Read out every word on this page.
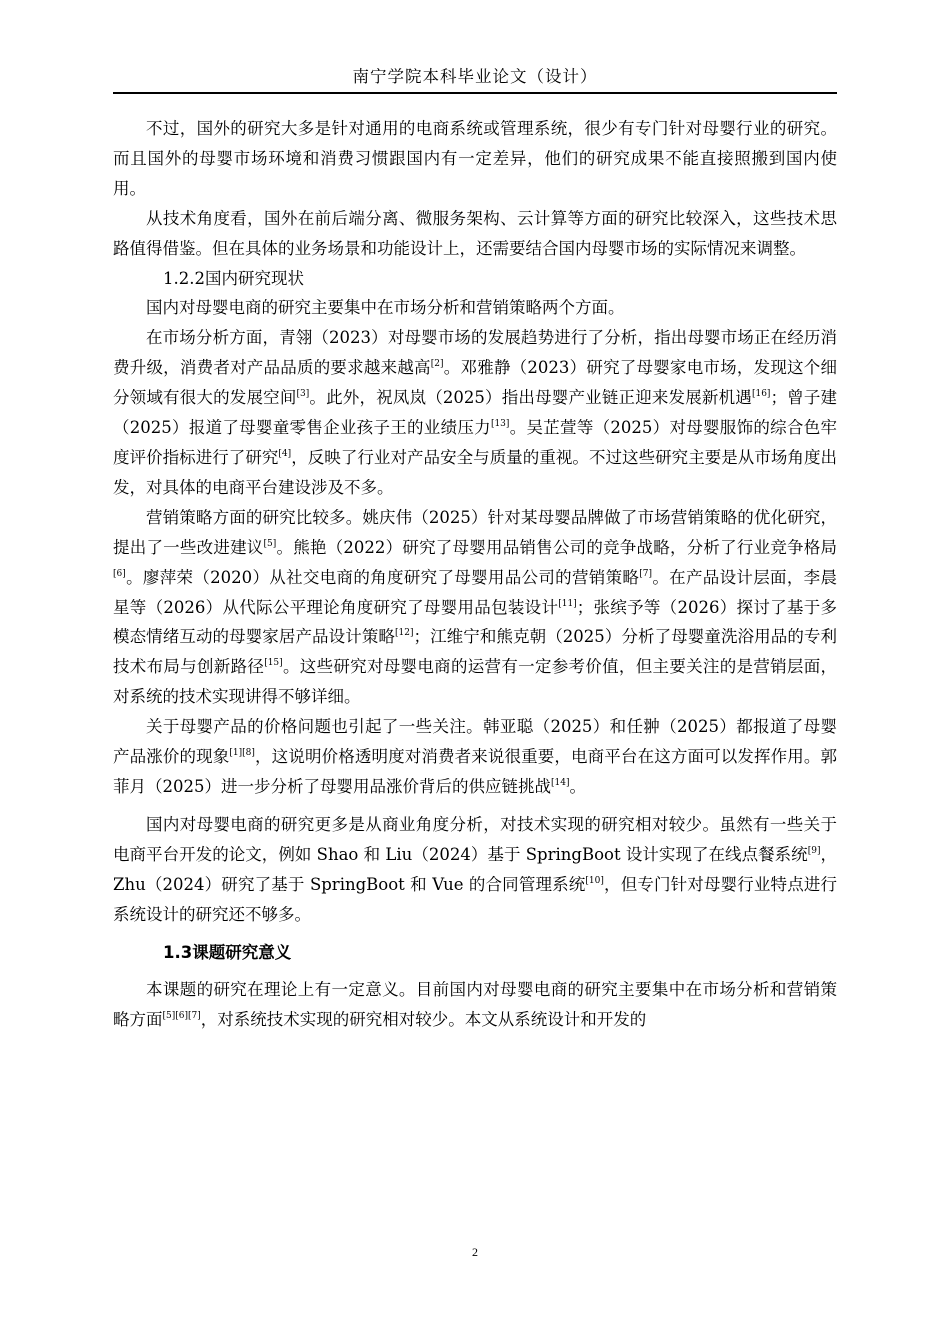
南宁学院本科毕业论文（设计）

不过，国外的研究大多是针对通用的电商系统或管理系统，很少有专门针对母婴行业的研究。而且国外的母婴市场环境和消费习惯跟国内有一定差异，他们的研究成果不能直接照搬到国内使用。

从技术角度看，国外在前后端分离、微服务架构、云计算等方面的研究比较深入，这些技术思路值得借鉴。但在具体的业务场景和功能设计上，还需要结合国内母婴市场的实际情况来调整。

1.2.2国内研究现状

国内对母婴电商的研究主要集中在市场分析和营销策略两个方面。

在市场分析方面，青翎（2023）对母婴市场的发展趋势进行了分析，指出母婴市场正在经历消费升级，消费者对产品品质的要求越来越高[2]。邓雅静（2023）研究了母婴家电市场，发现这个细分领域有很大的发展空间[3]。此外，祝凤岚（2025）指出母婴产业链正迎来发展新机遇[16]；曾子建（2025）报道了母婴童零售企业孩子王的业绩压力[13]。吴芷萱等（2025）对母婴服饰的综合色牢度评价指标进行了研究[4]，反映了行业对产品安全与质量的重视。不过这些研究主要是从市场角度出发，对具体的电商平台建设涉及不多。

营销策略方面的研究比较多。姚庆伟（2025）针对某母婴品牌做了市场营销策略的优化研究，提出了一些改进建议[5]。熊艳（2022）研究了母婴用品销售公司的竞争战略，分析了行业竞争格局[6]。廖萍荣（2020）从社交电商的角度研究了母婴用品公司的营销策略[7]。在产品设计层面，李晨星等（2026）从代际公平理论角度研究了母婴用品包装设计[11]；张缤予等（2026）探讨了基于多模态情绪互动的母婴家居产品设计策略[12]；江维宁和熊克朝（2025）分析了母婴童洗浴用品的专利技术布局与创新路径[15]。这些研究对母婴电商的运营有一定参考价值，但主要关注的是营销层面，对系统的技术实现讲得不够详细。

关于母婴产品的价格问题也引起了一些关注。韩亚聪（2025）和任翀（2025）都报道了母婴产品涨价的现象[1][8]，这说明价格透明度对消费者来说很重要，电商平台在这方面可以发挥作用。郭菲月（2025）进一步分析了母婴用品涨价背后的供应链挑战[14]。

国内对母婴电商的研究更多是从商业角度分析，对技术实现的研究相对较少。虽然有一些关于电商平台开发的论文，例如 Shao 和 Liu（2024）基于 SpringBoot 设计实现了在线点餐系统[9]，Zhu（2024）研究了基于 SpringBoot 和 Vue 的合同管理系统[10]，但专门针对母婴行业特点进行系统设计的研究还不够多。

1.3课题研究意义

本课题的研究在理论上有一定意义。目前国内对母婴电商的研究主要集中在市场分析和营销策略方面[5][6][7]，对系统技术实现的研究相对较少。本文从系统设计和开发的

2
